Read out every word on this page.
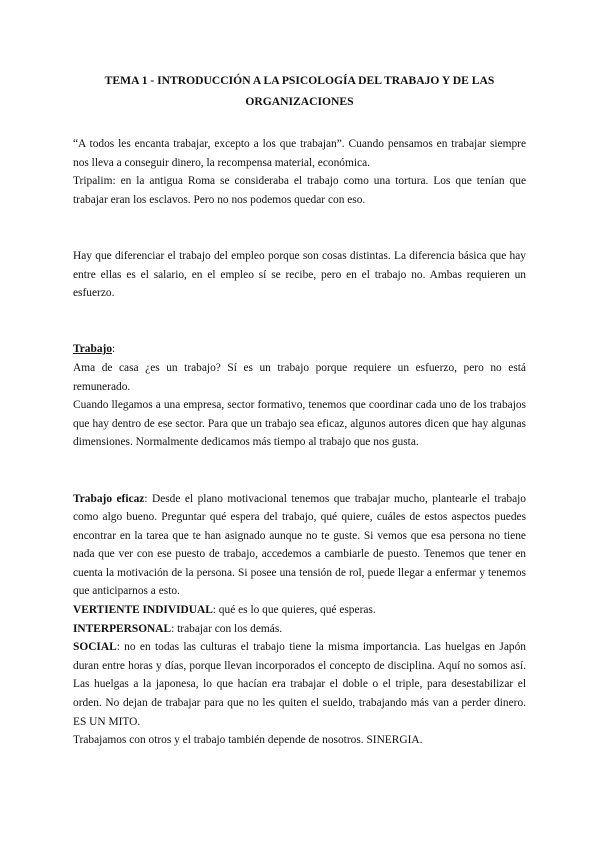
TEMA 1 - INTRODUCCIÓN A LA PSICOLOGÍA DEL TRABAJO Y DE LAS
ORGANIZACIONES

“A todos les encanta trabajar, excepto a los que trabajan”. Cuando pensamos en trabajar siempre nos lleva a conseguir dinero, la recompensa material, económica.

Tripalim: en la antigua Roma se consideraba el trabajo como una tortura. Los que tenían que trabajar eran los esclavos. Pero no nos podemos quedar con eso.

Hay que diferenciar el trabajo del empleo porque son cosas distintas. La diferencia básica que hay entre ellas es el salario, en el empleo sí se recibe, pero en el trabajo no. Ambas requieren un esfuerzo.

Trabajo:

Ama de casa ¿es un trabajo? Sí es un trabajo porque requiere un esfuerzo, pero no está remunerado.

Cuando llegamos a una empresa, sector formativo, tenemos que coordinar cada uno de los trabajos que hay dentro de ese sector. Para que un trabajo sea eficaz, algunos autores dicen que hay algunas dimensiones. Normalmente dedicamos más tiempo al trabajo que nos gusta.

Trabajo eficaz: Desde el plano motivacional tenemos que trabajar mucho, plantearle el trabajo como algo bueno. Preguntar qué espera del trabajo, qué quiere, cuáles de estos aspectos puedes encontrar en la tarea que te han asignado aunque no te guste. Si vemos que esa persona no tiene nada que ver con ese puesto de trabajo, accedemos a cambiarle de puesto. Tenemos que tener en cuenta la motivación de la persona. Si posee una tensión de rol, puede llegar a enfermar y tenemos que anticiparnos a esto.

VERTIENTE INDIVIDUAL: qué es lo que quieres, qué esperas.

INTERPERSONAL: trabajar con los demás.

SOCIAL: no en todas las culturas el trabajo tiene la misma importancia. Las huelgas en Japón duran entre horas y días, porque llevan incorporados el concepto de disciplina. Aquí no somos así. Las huelgas a la japonesa, lo que hacían era trabajar el doble o el triple, para desestabilizar el orden. No dejan de trabajar para que no les quiten el sueldo, trabajando más van a perder dinero. ES UN MITO.

Trabajamos con otros y el trabajo también depende de nosotros. SINERGIA.
